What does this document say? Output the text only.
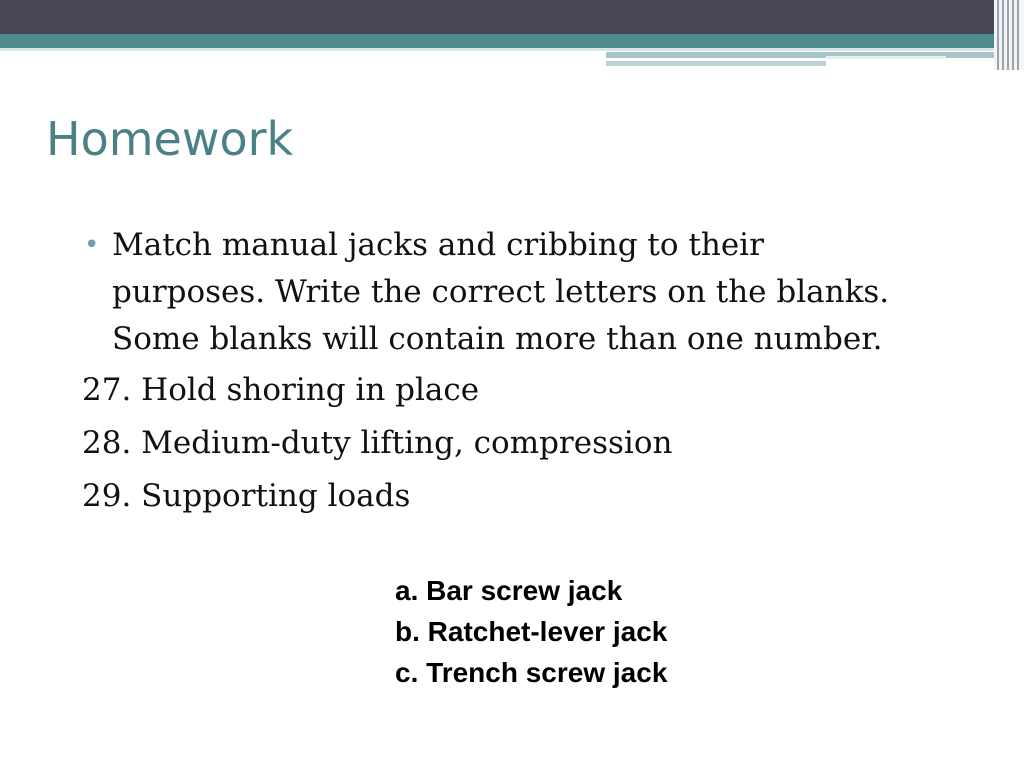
Homework
• Match manual jacks and cribbing to their purposes. Write the correct letters on the blanks. Some blanks will contain more than one number.
27. Hold shoring in place
28. Medium-duty lifting, compression
29. Supporting loads
a. Bar screw jack
b. Ratchet-lever jack
c. Trench screw jack
